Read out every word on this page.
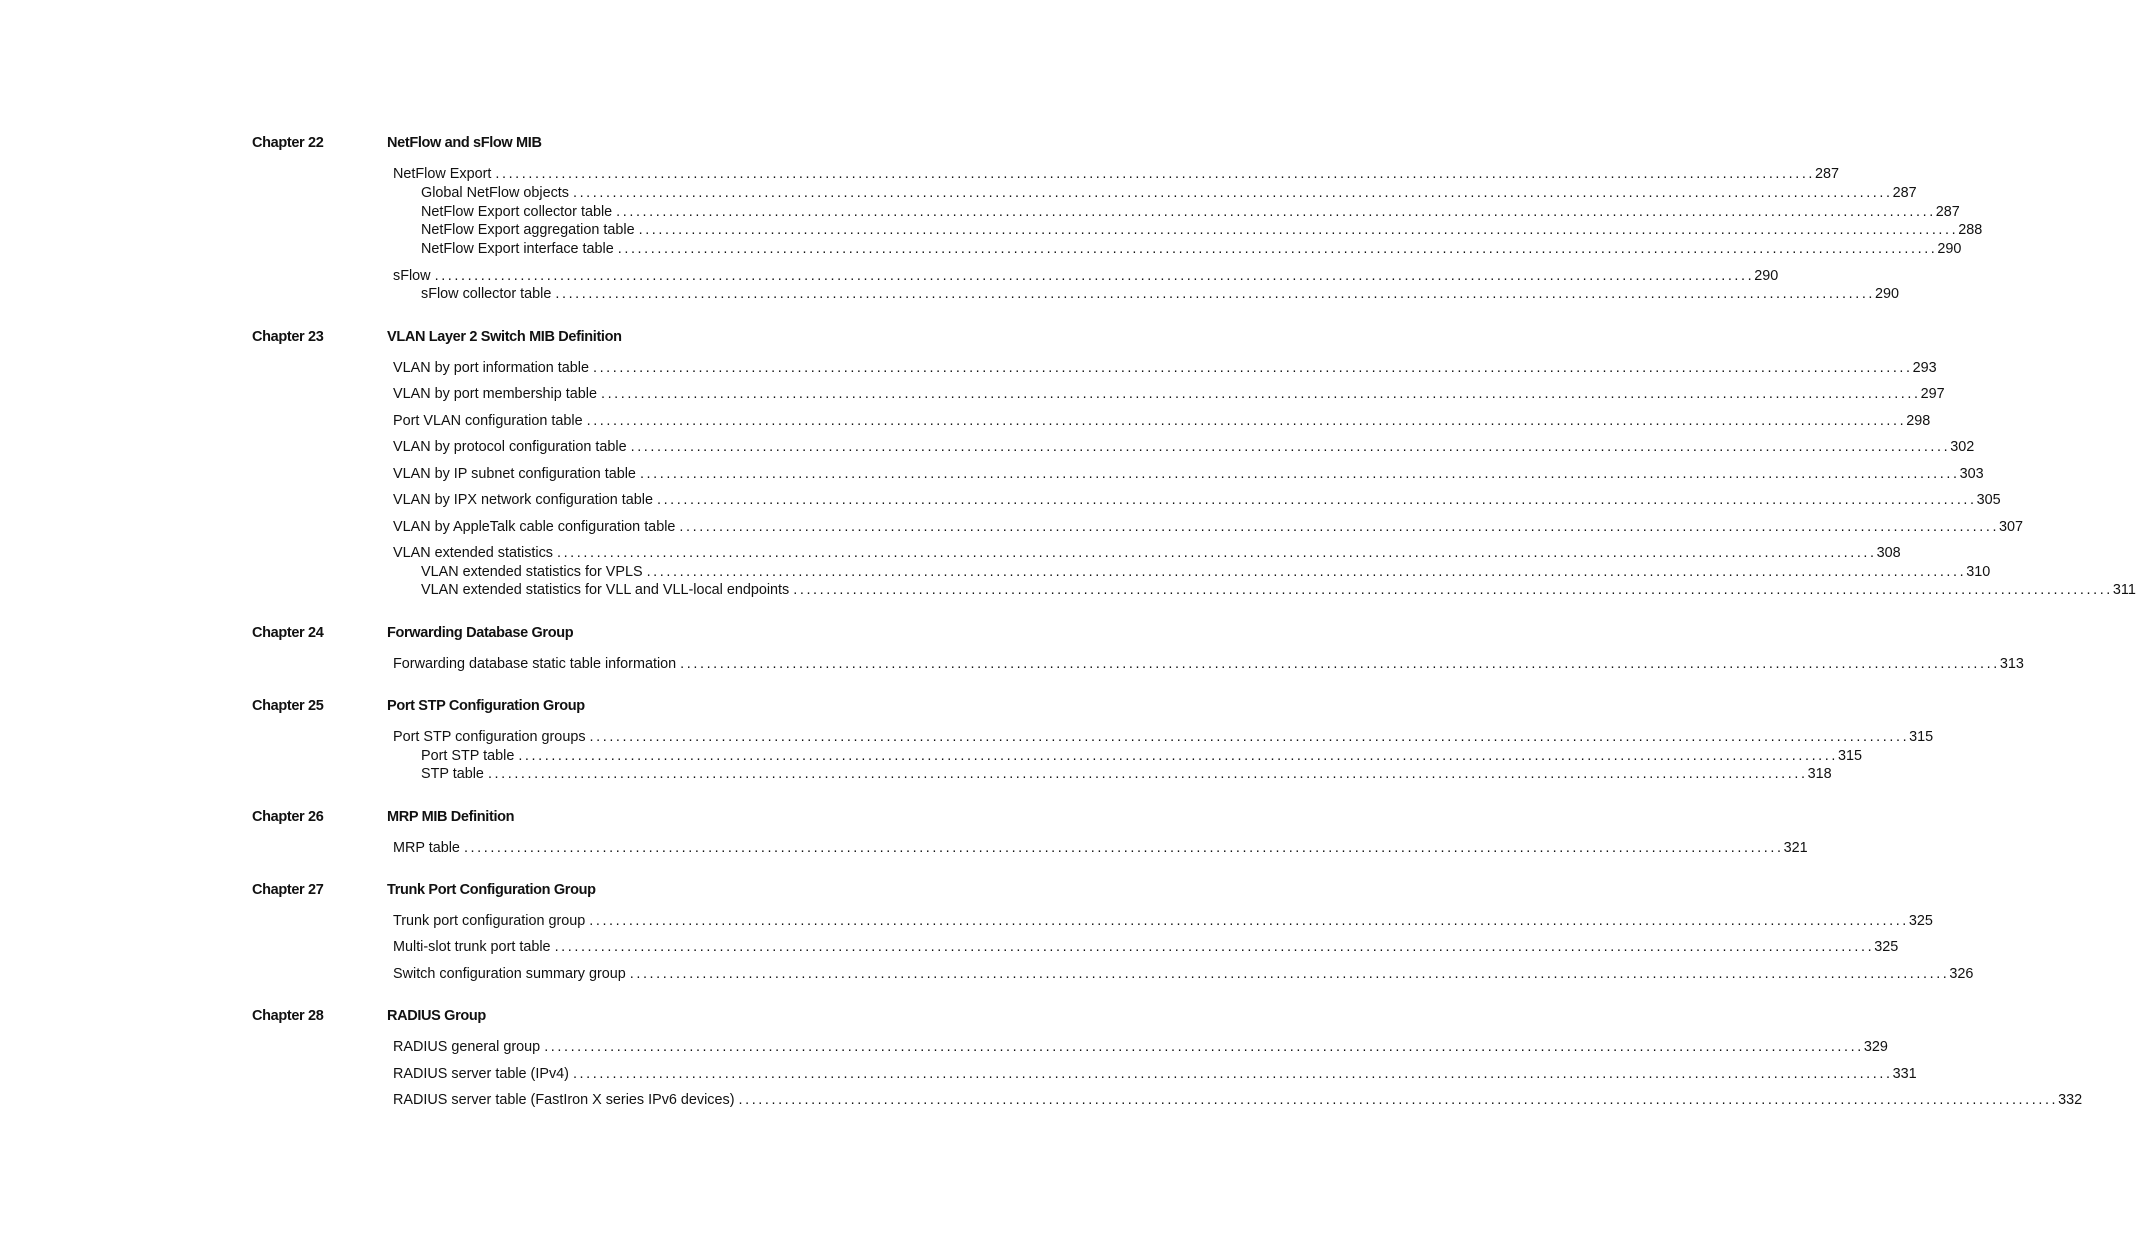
Chapter 22	NetFlow and sFlow MIB
NetFlow Export ........................................................................................................................................................................................................ 287
Global NetFlow objects ........................................................................................................................................................................................................ 287
NetFlow Export collector table ........................................................................................................................................................................................................ 287
NetFlow Export aggregation table ........................................................................................................................................................................................................ 288
NetFlow Export interface table ........................................................................................................................................................................................................ 290
sFlow ........................................................................................................................................................................................................ 290
sFlow collector table ........................................................................................................................................................................................................ 290
Chapter 23	VLAN Layer 2 Switch MIB Definition
VLAN by port information table ........................................................................................................................................................................................................ 293
VLAN by port membership table ........................................................................................................................................................................................................ 297
Port VLAN configuration table ........................................................................................................................................................................................................ 298
VLAN by protocol configuration table ........................................................................................................................................................................................................ 302
VLAN by IP subnet configuration table ........................................................................................................................................................................................................ 303
VLAN by IPX network configuration table ........................................................................................................................................................................................................ 305
VLAN by AppleTalk cable configuration table ........................................................................................................................................................................................................ 307
VLAN extended statistics ........................................................................................................................................................................................................ 308
VLAN extended statistics for VPLS ........................................................................................................................................................................................................ 310
VLAN extended statistics for VLL and VLL-local endpoints ........................................................................................................................................................................................................ 311
Chapter 24	Forwarding Database Group
Forwarding database static table information ........................................................................................................................................................................................................ 313
Chapter 25	Port STP Configuration Group
Port STP configuration groups ........................................................................................................................................................................................................ 315
Port STP table ........................................................................................................................................................................................................ 315
STP table ........................................................................................................................................................................................................ 318
Chapter 26	MRP MIB Definition
MRP table ........................................................................................................................................................................................................ 321
Chapter 27	Trunk Port Configuration Group
Trunk port configuration group ........................................................................................................................................................................................................ 325
Multi-slot trunk port table ........................................................................................................................................................................................................ 325
Switch configuration summary group ........................................................................................................................................................................................................ 326
Chapter 28	RADIUS Group
RADIUS general group ........................................................................................................................................................................................................ 329
RADIUS server table (IPv4) ........................................................................................................................................................................................................ 331
RADIUS server table (FastIron X series IPv6 devices) ........................................................................................................................................................................................................ 332
